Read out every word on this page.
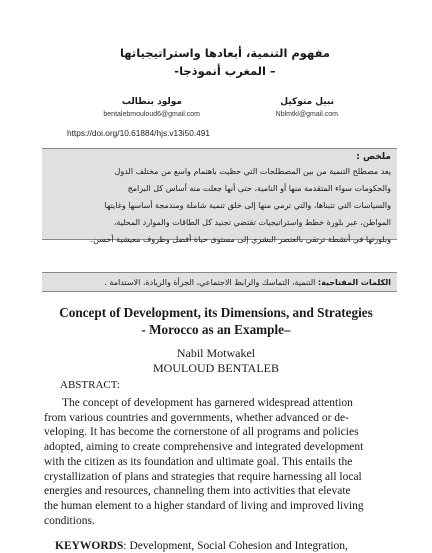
مفهوم التنمية، أبعادها واستراتيجياتها
– المغرب أنموذجا-
نبيل متوكيل
Nblmtkl@gmail.com
مولود بنطالب
bentalebmouloud6@gmail.com
https://doi.org/10.61884/hjs.v13i50.491
ملخص :
يعد مصطلح التنمية من بين المصطلحات التي حظيت باهتمام واسع من مختلف الدول
والحكومات سواء المتقدمة منها أو النامية، حتى أنها جعلت منه أساس كل البرامج
والسياسات التي تتبناها، والتي ترمي منها إلى خلق تنمية شاملة ومندمجة أساسها وغايتها
المواطن، عبر بلورة خطط واستراتيجيات تقتضي تجنيد كل الطاقات والموارد المحلية،
وبلورتها في أنشطة ترتقي بالعنصر البشري إلى مستوى حياة أفضل وظروف معيشية أحسن.
الكلمات المفتاحية: التنمية، التماسك والرابط الاجتماعي، الجرأة والريادة، الاستدامة .
Concept of Development, its Dimensions, and Strategies
- Morocco as an Example–
Nabil Motwakel
MOULOUD BENTALEB
ABSTRACT:
The concept of development has garnered widespread attention
from various countries and governments, whether advanced or de-
veloping. It has become the cornerstone of all programs and policies
adopted, aiming to create comprehensive and integrated development
with the citizen as its foundation and ultimate goal. This entails the
crystallization of plans and strategies that require harnessing all local
energies and resources, channeling them into activities that elevate
the human element to a higher standard of living and improved living
conditions.
KEYWORDS: Development, Social Cohesion and Integration,
